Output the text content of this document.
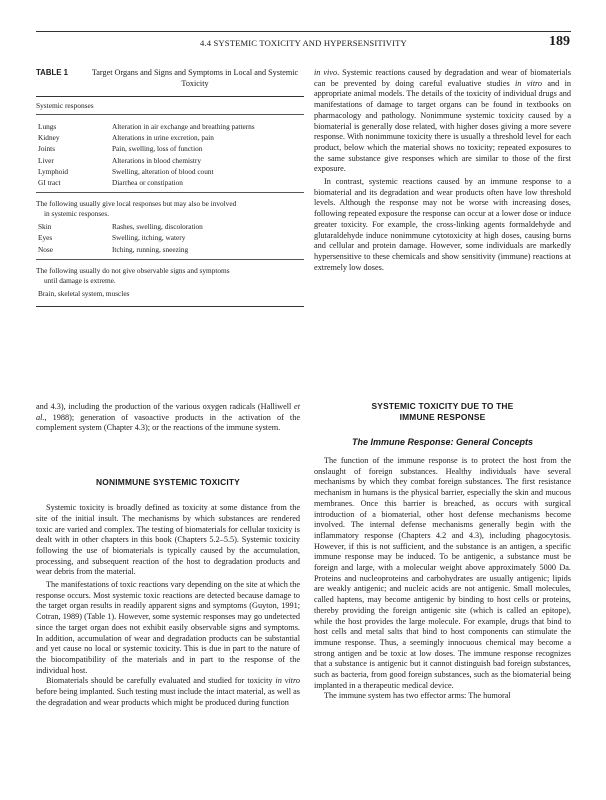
4.4 SYSTEMIC TOXICITY AND HYPERSENSITIVITY	189
TABLE 1	Target Organs and Signs and Symptoms in Local and Systemic Toxicity
Systemic responses
Lungs	Alteration in air exchange and breathing patterns
Kidney	Alterations in urine excretion, pain
Joints	Pain, swelling, loss of function
Liver	Alterations in blood chemistry
Lymphoid	Swelling, alteration of blood count
GI tract	Diarrhea or constipation
The following usually give local responses but may also be involved
in systemic responses.
Skin	Rashes, swelling, discoloration
Eyes	Swelling, itching, watery
Nose	Itching, running, sneezing
The following usually do not give observable signs and symptoms
until damage is extreme.
Brain, skeletal system, muscles

in vivo. Systemic reactions caused by degradation and wear of biomaterials can be prevented by doing careful evaluative studies in vitro and in appropriate animal models. The details of the toxicity of individual drugs and manifestations of damage to target organs can be found in textbooks on pharmacology and pathology. Nonimmune systemic toxicity caused by a biomaterial is generally dose related, with higher doses giving a more severe response. With nonimmune toxicity there is usually a threshold level for each product, below which the material shows no toxicity; repeated exposures to the same substance give responses which are similar to those of the first exposure.

In contrast, systemic reactions caused by an immune response to a biomaterial and its degradation and wear products often have low threshold levels. Although the response may not be worse with increasing doses, following repeated exposure the response can occur at a lower dose or induce greater toxicity. For example, the cross-linking agents formaldehyde and glutaraldehyde induce nonimmune cytotoxicity at high doses, causing burns and cellular and protein damage. However, some individuals are markedly hypersensitive to these chemicals and show sensitivity (immune) reactions at extremely low doses.

and 4.3), including the production of the various oxygen radicals (Halliwell et al., 1988); generation of vasoactive products in the activation of the complement system (Chapter 4.3); or the reactions of the immune system.

NONIMMUNE SYSTEMIC TOXICITY

Systemic toxicity is broadly defined as toxicity at some distance from the site of the initial insult. The mechanisms by which substances are rendered toxic are varied and complex. The testing of biomaterials for cellular toxicity is dealt with in other chapters in this book (Chapters 5.2–5.5). Systemic toxicity following the use of biomaterials is typically caused by the accumulation, processing, and subsequent reaction of the host to degradation products and wear debris from the material.

The manifestations of toxic reactions vary depending on the site at which the response occurs. Most systemic toxic reactions are detected because damage to the target organ results in readily apparent signs and symptoms (Guyton, 1991; Cotran, 1989) (Table 1). However, some systemic responses may go undetected since the target organ does not exhibit easily observable signs and symptoms. In addition, accumulation of wear and degradation products can be substantial and yet cause no local or systemic toxicity. This is due in part to the nature of the biocompatibility of the materials and in part to the response of the individual host.

Biomaterials should be carefully evaluated and studied for toxicity in vitro before being implanted. Such testing must include the intact material, as well as the degradation and wear products which might be produced during function

SYSTEMIC TOXICITY DUE TO THE
IMMUNE RESPONSE
The Immune Response: General Concepts

The function of the immune response is to protect the host from the onslaught of foreign substances. Healthy individuals have several mechanisms by which they combat foreign substances. The first resistance mechanism in humans is the physical barrier, especially the skin and mucous membranes. Once this barrier is breached, as occurs with surgical introduction of a biomaterial, other host defense mechanisms become involved. The internal defense mechanisms generally begin with the inflammatory response (Chapters 4.2 and 4.3), including phagocytosis. However, if this is not sufficient, and the substance is an antigen, a specific immune response may be induced. To be antigenic, a substance must be foreign and large, with a molecular weight above approximately 5000 Da. Proteins and nucleoproteins and carbohydrates are usually antigenic; lipids are weakly antigenic; and nucleic acids are not antigenic. Small molecules, called haptens, may become antigenic by binding to host cells or proteins, thereby providing the foreign antigenic site (which is called an epitope), while the host provides the large molecule. For example, drugs that bind to host cells and metal salts that bind to host components can stimulate the immune response. Thus, a seemingly innocuous chemical may become a strong antigen and be toxic at low doses. The immune response recognizes that a substance is antigenic but it cannot distinguish bad foreign substances, such as bacteria, from good foreign substances, such as the biomaterial being implanted in a therapeutic medical device.

The immune system has two effector arms: The humoral
